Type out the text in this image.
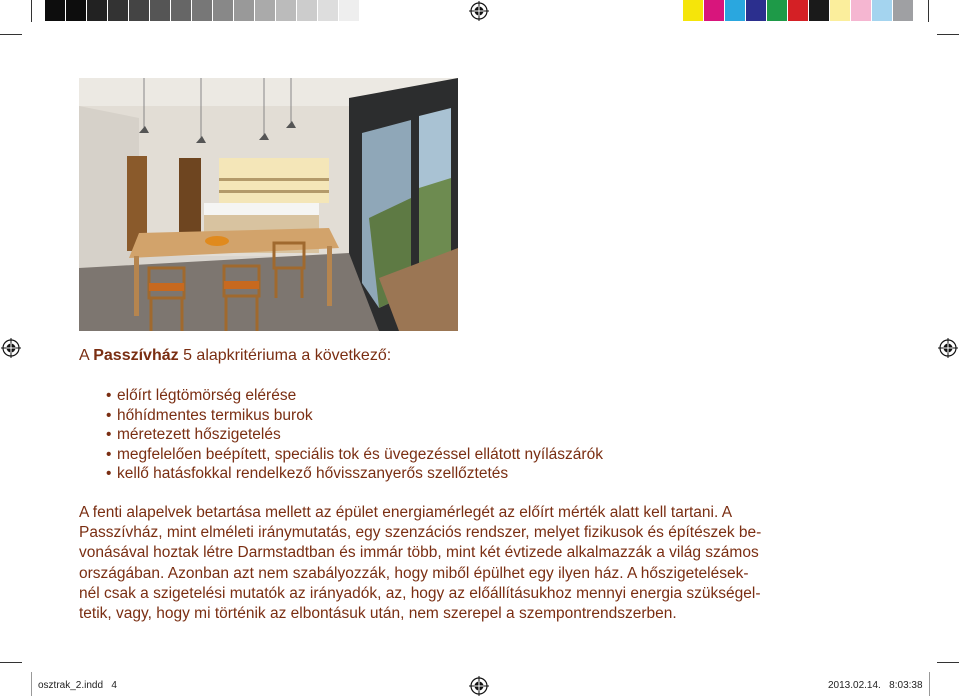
A Passzívház 5 alapkritériuma a következő:
• előírt légtömörség elérése
• hőhídmentes termikus burok
• méretezett hőszigetelés
• megfelelően beépített, speciális tok és üvegezéssel ellátott nyílászárók
• kellő hatásfokkal rendelkező hővisszanyerős szellőztetés

A fenti alapelvek betartása mellett az épület energiamérlegét az előírt mérték alatt kell tartani. A
Passzívház, mint elméleti iránymutatás, egy szenzációs rendszer, melyet fizikusok és építészek be-
vonásával hoztak létre Darmstadtban és immár több, mint két évtizede alkalmazzák a világ számos
országában. Azonban azt nem szabályozzák, hogy miből épülhet egy ilyen ház. A hőszigetelések-
nél csak a szigetelési mutatók az irányadók, az, hogy az előállításukhoz mennyi energia szükségel-
tetik, vagy, hogy mi történik az elbontásuk után, nem szerepel a szempontrendszerben.

osztrak_2.indd   4	2013.02.14.   8:03:38
